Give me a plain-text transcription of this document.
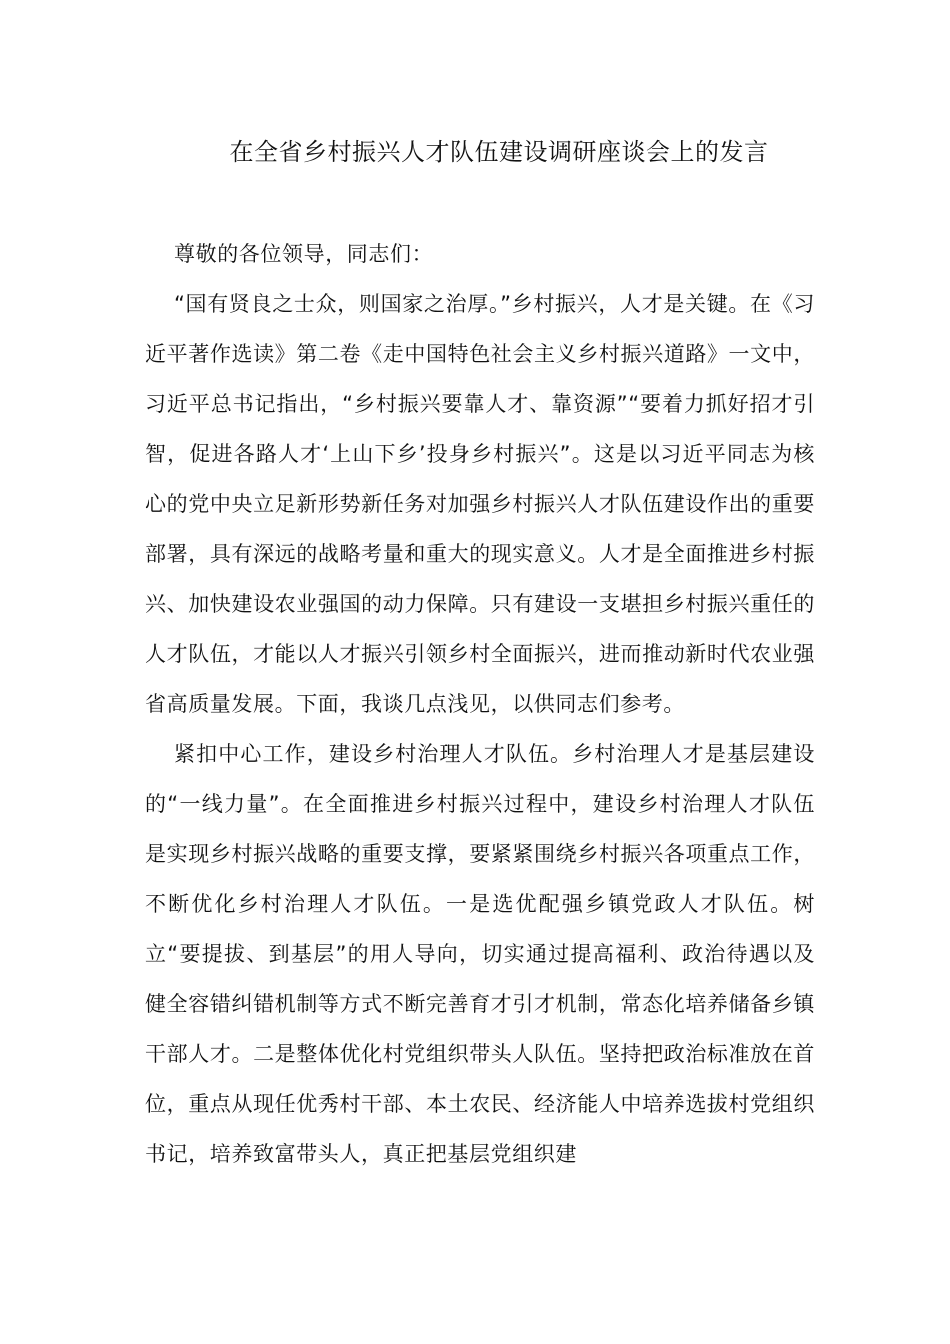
在全省乡村振兴人才队伍建设调研座谈会上的发言

尊敬的各位领导，同志们：

“国有贤良之士众，则国家之治厚。”乡村振兴，人才是关键。在《习近平著作选读》第二卷《走中国特色社会主义乡村振兴道路》一文中，习近平总书记指出，“乡村振兴要靠人才、靠资源”“要着力抓好招才引智，促进各路人才‘上山下乡’投身乡村振兴”。这是以习近平同志为核心的党中央立足新形势新任务对加强乡村振兴人才队伍建设作出的重要部署，具有深远的战略考量和重大的现实意义。人才是全面推进乡村振兴、加快建设农业强国的动力保障。只有建设一支堪担乡村振兴重任的人才队伍，才能以人才振兴引领乡村全面振兴，进而推动新时代农业强省高质量发展。下面，我谈几点浅见，以供同志们参考。

紧扣中心工作，建设乡村治理人才队伍。乡村治理人才是基层建设的“一线力量”。在全面推进乡村振兴过程中，建设乡村治理人才队伍是实现乡村振兴战略的重要支撑，要紧紧围绕乡村振兴各项重点工作，不断优化乡村治理人才队伍。一是选优配强乡镇党政人才队伍。树立“要提拔、到基层”的用人导向，切实通过提高福利、政治待遇以及健全容错纠错机制等方式不断完善育才引才机制，常态化培养储备乡镇干部人才。二是整体优化村党组织带头人队伍。坚持把政治标准放在首位，重点从现任优秀村干部、本土农民、经济能人中培养选拔村党组织书记，培养致富带头人，真正把基层党组织建
